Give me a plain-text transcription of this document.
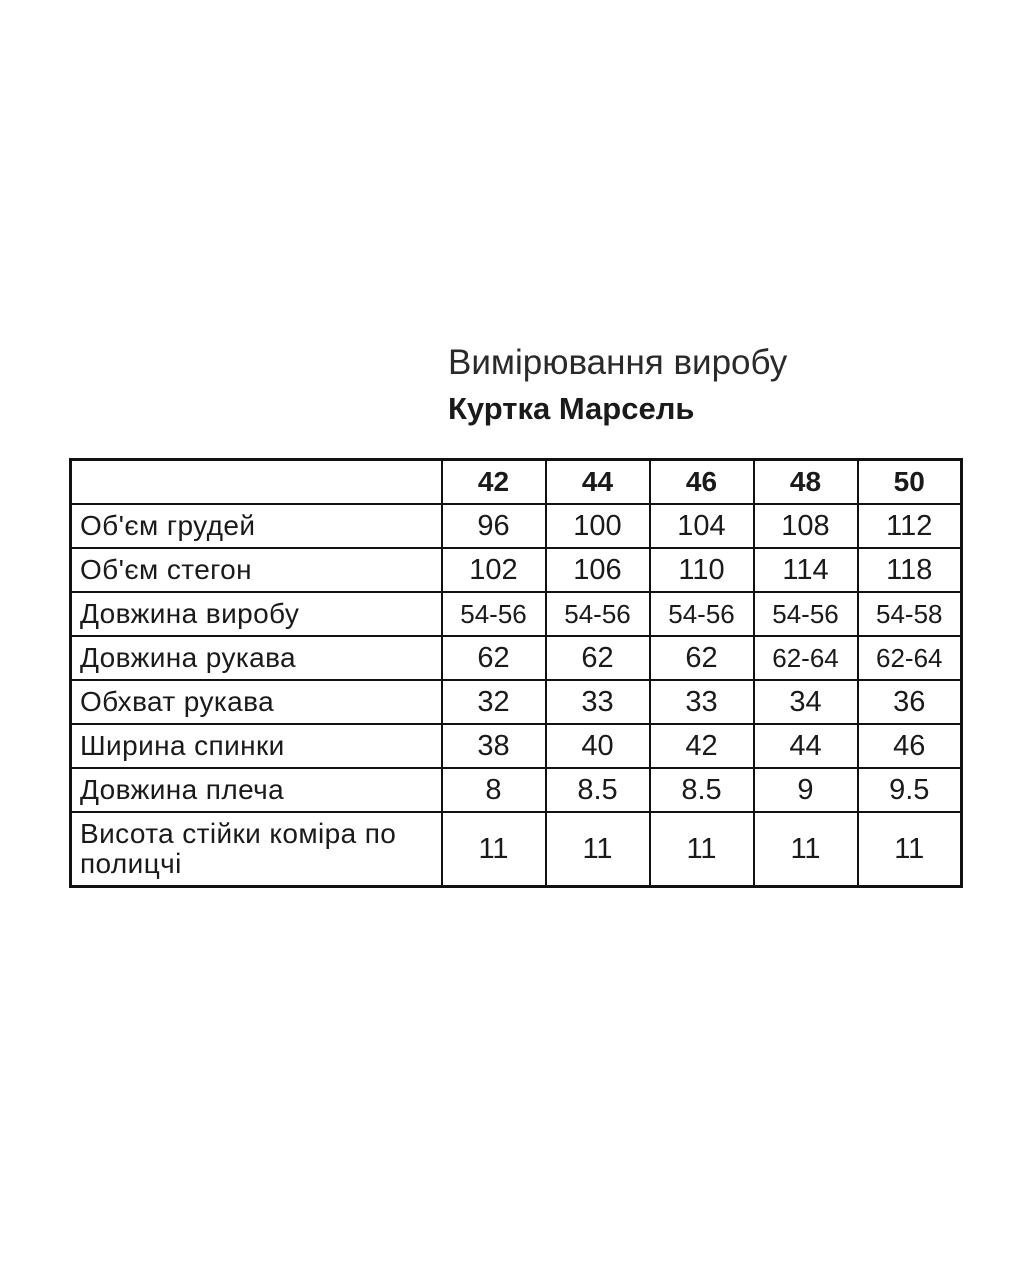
Вимірювання виробу
Куртка Марсель
	42	44	46	48	50
Об'єм грудей	96	100	104	108	112
Об'єм стегон	102	106	110	114	118
Довжина виробу	54-56	54-56	54-56	54-56	54-58
Довжина рукава	62	62	62	62-64	62-64
Обхват рукава	32	33	33	34	36
Ширина спинки	38	40	42	44	46
Довжина плеча	8	8.5	8.5	9	9.5
Висота стійки коміра по полицчі	11	11	11	11	11
